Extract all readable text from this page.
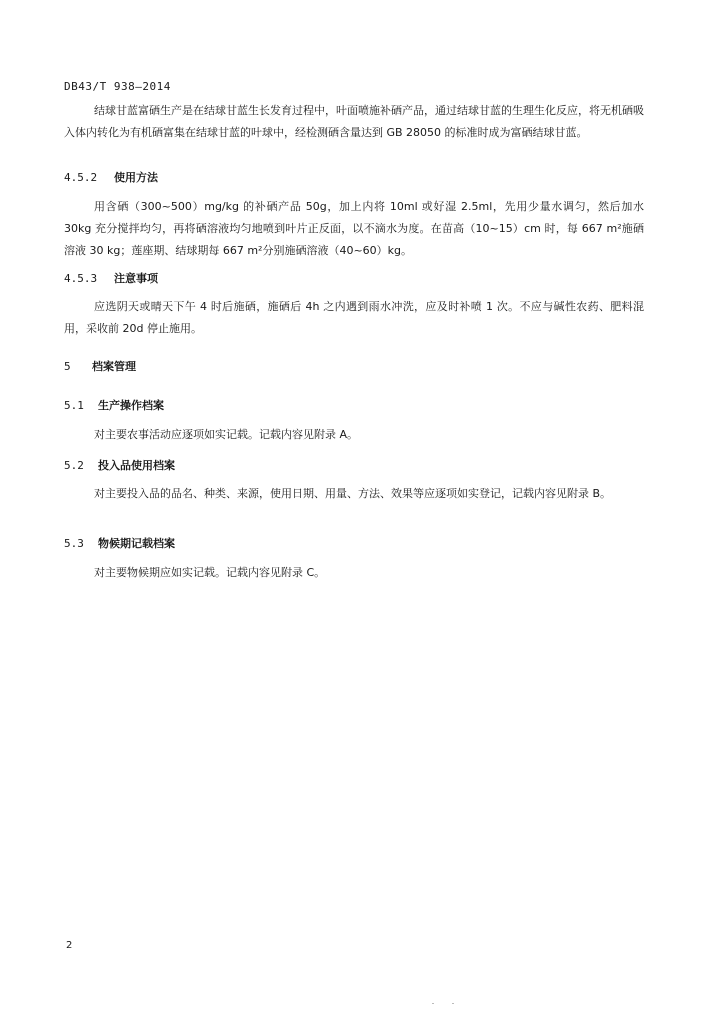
DB43/T 938—2014
结球甘蓝富硒生产是在结球甘蓝生长发育过程中，叶面喷施补硒产品，通过结球甘蓝的生理生化反应，将无机硒吸入体内转化为有机硒富集在结球甘蓝的叶球中，经检测硒含量达到 GB 28050 的标准时成为富硒结球甘蓝。
4.5.2 使用方法
用含硒（300~500）mg/kg 的补硒产品 50g，加上内将 10ml 或好湿 2.5ml，先用少量水调匀，然后加水 30kg 充分搅拌均匀，再将硒溶液均匀地喷到叶片正反面，以不滴水为度。在苗高（10~15）cm 时，每 667 m²施硒溶液 30 kg；莲座期、结球期每 667 m²分别施硒溶液（40~60）kg。
4.5.3 注意事项
应选阴天或晴天下午 4 时后施硒，施硒后 4h 之内遇到雨水冲洗，应及时补喷 1 次。不应与碱性农药、肥料混用，采收前 20d 停止施用。
5 档案管理
5.1 生产操作档案
对主要农事活动应逐项如实记载。记载内容见附录 A。
5.2 投入品使用档案
对主要投入品的品名、种类、来源，使用日期、用量、方法、效果等应逐项如实登记，记载内容见附录 B。
5.3 物候期记载档案
对主要物候期应如实记载。记载内容见附录 C。
2
